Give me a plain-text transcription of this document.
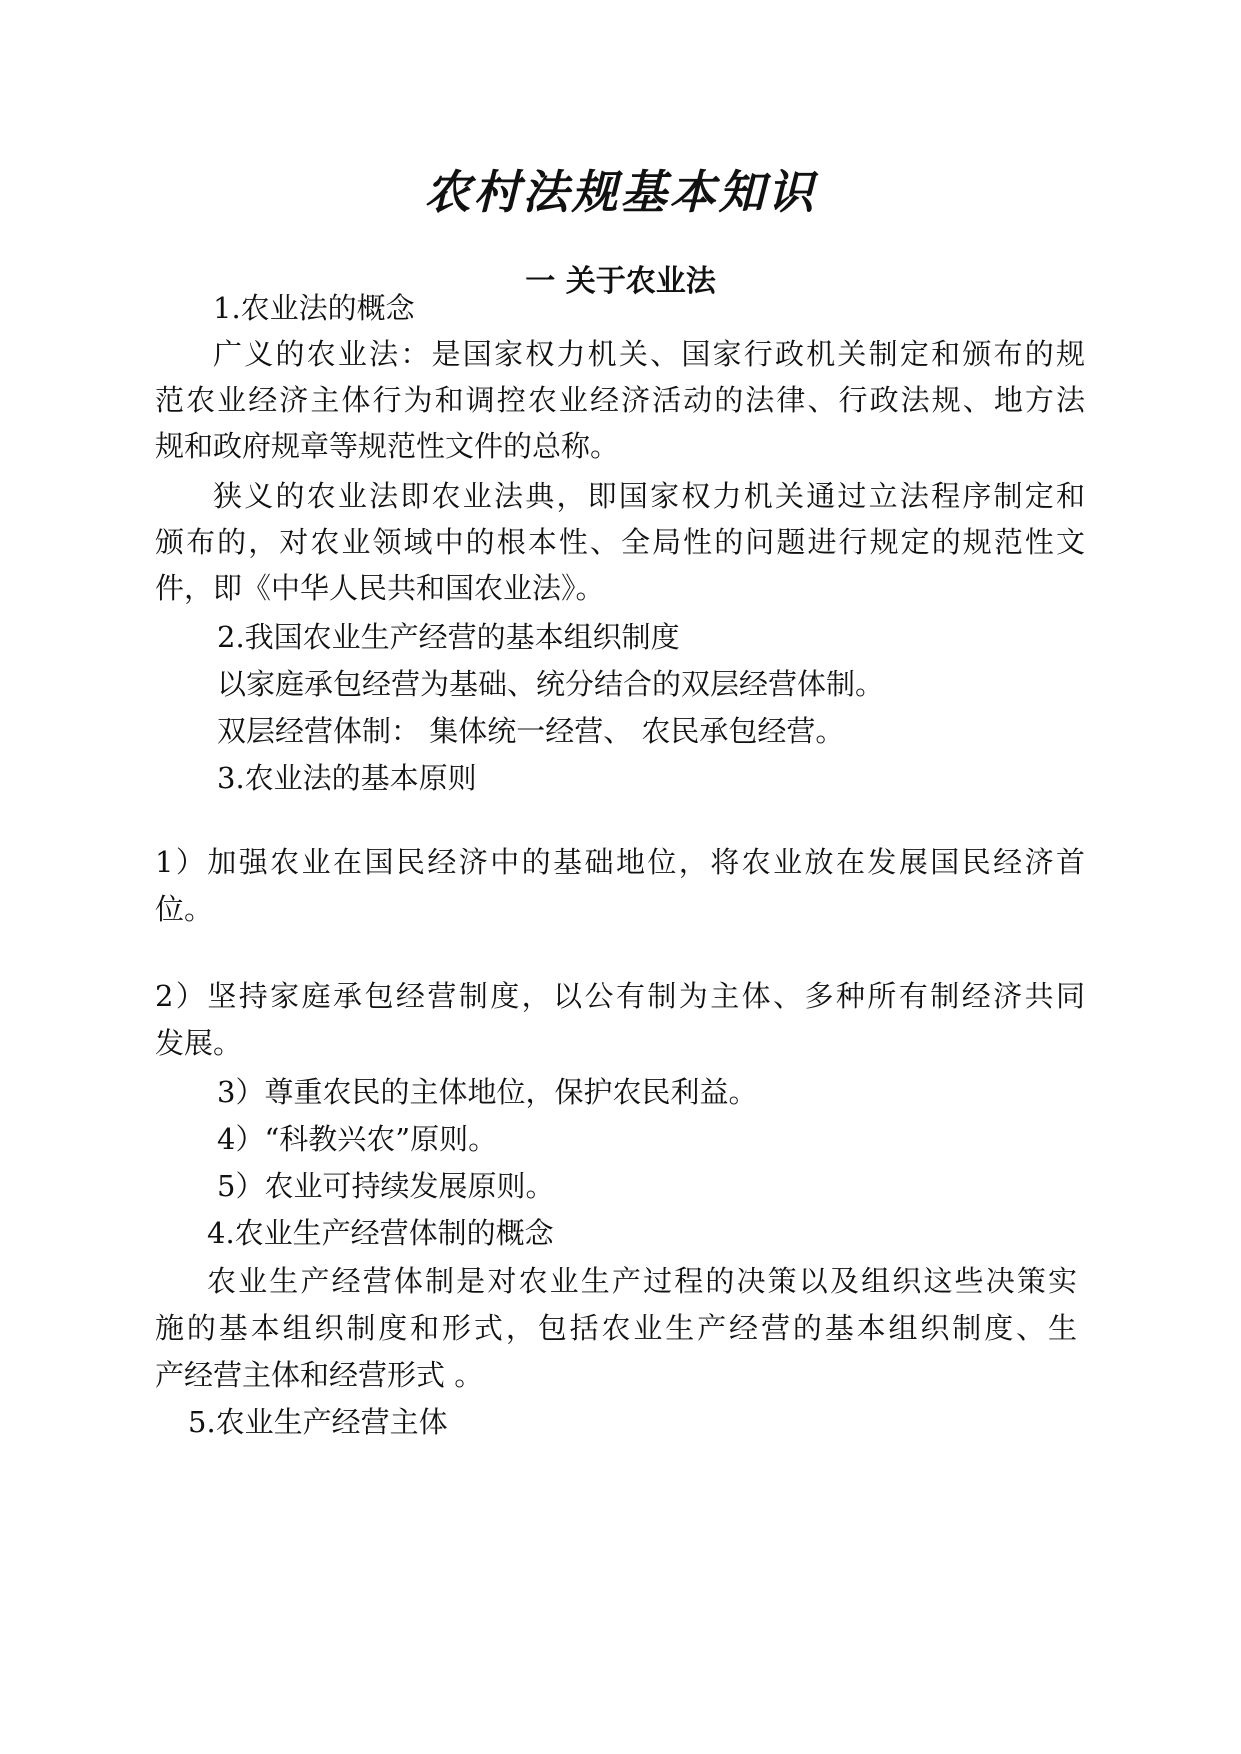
农村法规基本知识
一 关于农业法
1.农业法的概念
广义的农业法：是国家权力机关、国家行政机关制定和颁布的规
范农业经济主体行为和调控农业经济活动的法律、行政法规、地方法
规和政府规章等规范性文件的总称。
狭义的农业法即农业法典，即国家权力机关通过立法程序制定和
颁布的，对农业领域中的根本性、全局性的问题进行规定的规范性文
件，即《中华人民共和国农业法》。
2.我国农业生产经营的基本组织制度
以家庭承包经营为基础、统分结合的双层经营体制。
双层经营体制： 集体统一经营、 农民承包经营。
3.农业法的基本原则
1）加强农业在国民经济中的基础地位，将农业放在发展国民经济首
位。
2）坚持家庭承包经营制度，以公有制为主体、多种所有制经济共同
发展。
3）尊重农民的主体地位，保护农民利益。
4）“科教兴农”原则。
5）农业可持续发展原则。
4.农业生产经营体制的概念
农业生产经营体制是对农业生产过程的决策以及组织这些决策实
施的基本组织制度和形式，包括农业生产经营的基本组织制度、生
产经营主体和经营形式 。
5.农业生产经营主体
